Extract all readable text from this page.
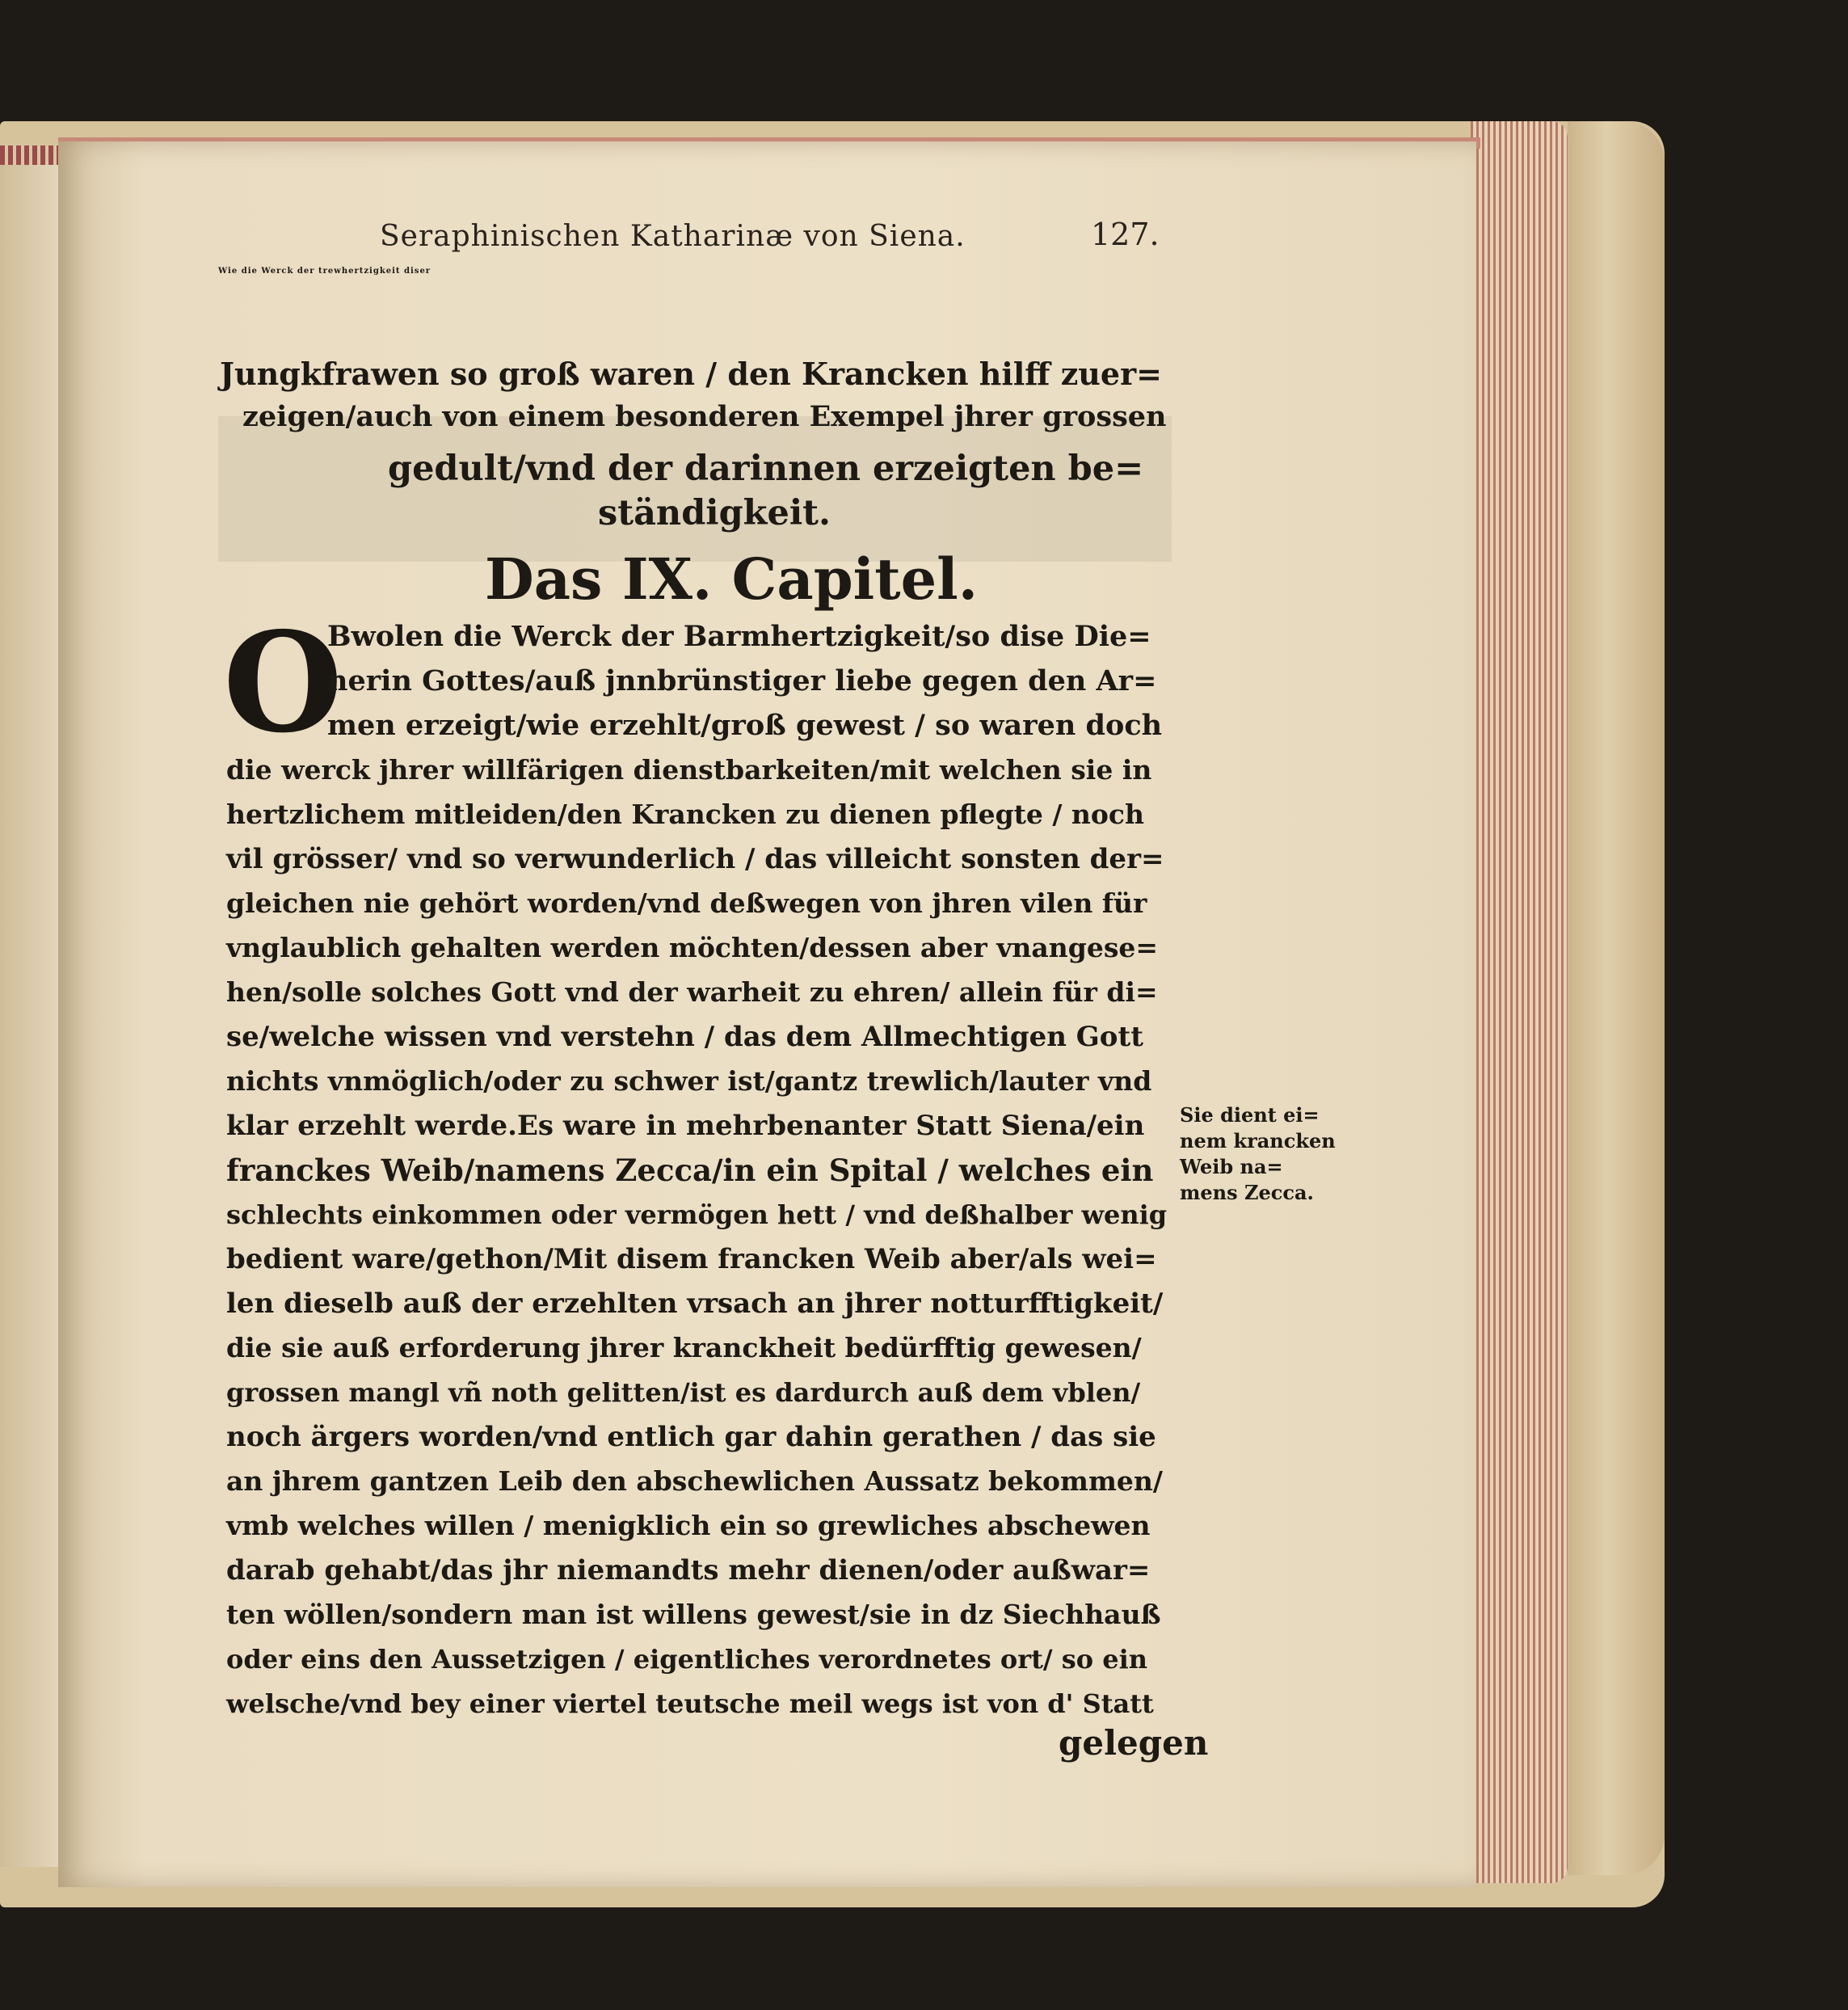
Seraphinischen Katharinæ von Siena.	127.
Wie die Werck der trewhertzigkeit diser
Jungkfrawen so groß waren / den Krancken hilff zuer=
zeigen/auch von einem besonderen Exempel jhrer grossen
gedult/vnd der darinnen erzeigten be=
ständigkeit.
Das IX. Capitel.
O
Bwolen die Werck der Barmhertzigkeit/so dise Die=
nerin Gottes/auß jnnbrünstiger liebe gegen den Ar=
men erzeigt/wie erzehlt/groß gewest / so waren doch
die werck jhrer willfärigen dienstbarkeiten/mit welchen sie in
hertzlichem mitleiden/den Krancken zu dienen pflegte / noch
vil grösser/ vnd so verwunderlich / das villeicht sonsten der=
gleichen nie gehört worden/vnd deßwegen von jhren vilen für
vnglaublich gehalten werden möchten/dessen aber vnangese=
hen/solle solches Gott vnd der warheit zu ehren/ allein für di=
se/welche wissen vnd verstehn / das dem Allmechtigen Gott
nichts vnmöglich/oder zu schwer ist/gantz trewlich/lauter vnd
klar erzehlt werde.Es ware in mehrbenanter Statt Siena/ein
franckes Weib/namens Zecca/in ein Spital / welches ein
schlechts einkommen oder vermögen hett / vnd deßhalber wenig
bedient ware/gethon/Mit disem francken Weib aber/als wei=
len dieselb auß der erzehlten vrsach an jhrer notturfftigkeit/
die sie auß erforderung jhrer kranckheit bedürfftig gewesen/
grossen mangl vñ noth gelitten/ist es dardurch auß dem vblen/
noch ärgers worden/vnd entlich gar dahin gerathen / das sie
an jhrem gantzen Leib den abschewlichen Aussatz bekommen/
vmb welches willen / menigklich ein so grewliches abschewen
darab gehabt/das jhr niemandts mehr dienen/oder außwar=
ten wöllen/sondern man ist willens gewest/sie in dz Siechhauß
oder eins den Aussetzigen / eigentliches verordnetes ort/ so ein
welsche/vnd bey einer viertel teutsche meil wegs ist von d' Statt
gelegen
Sie dient ei=
nem krancken
Weib na=
mens Zecca.
